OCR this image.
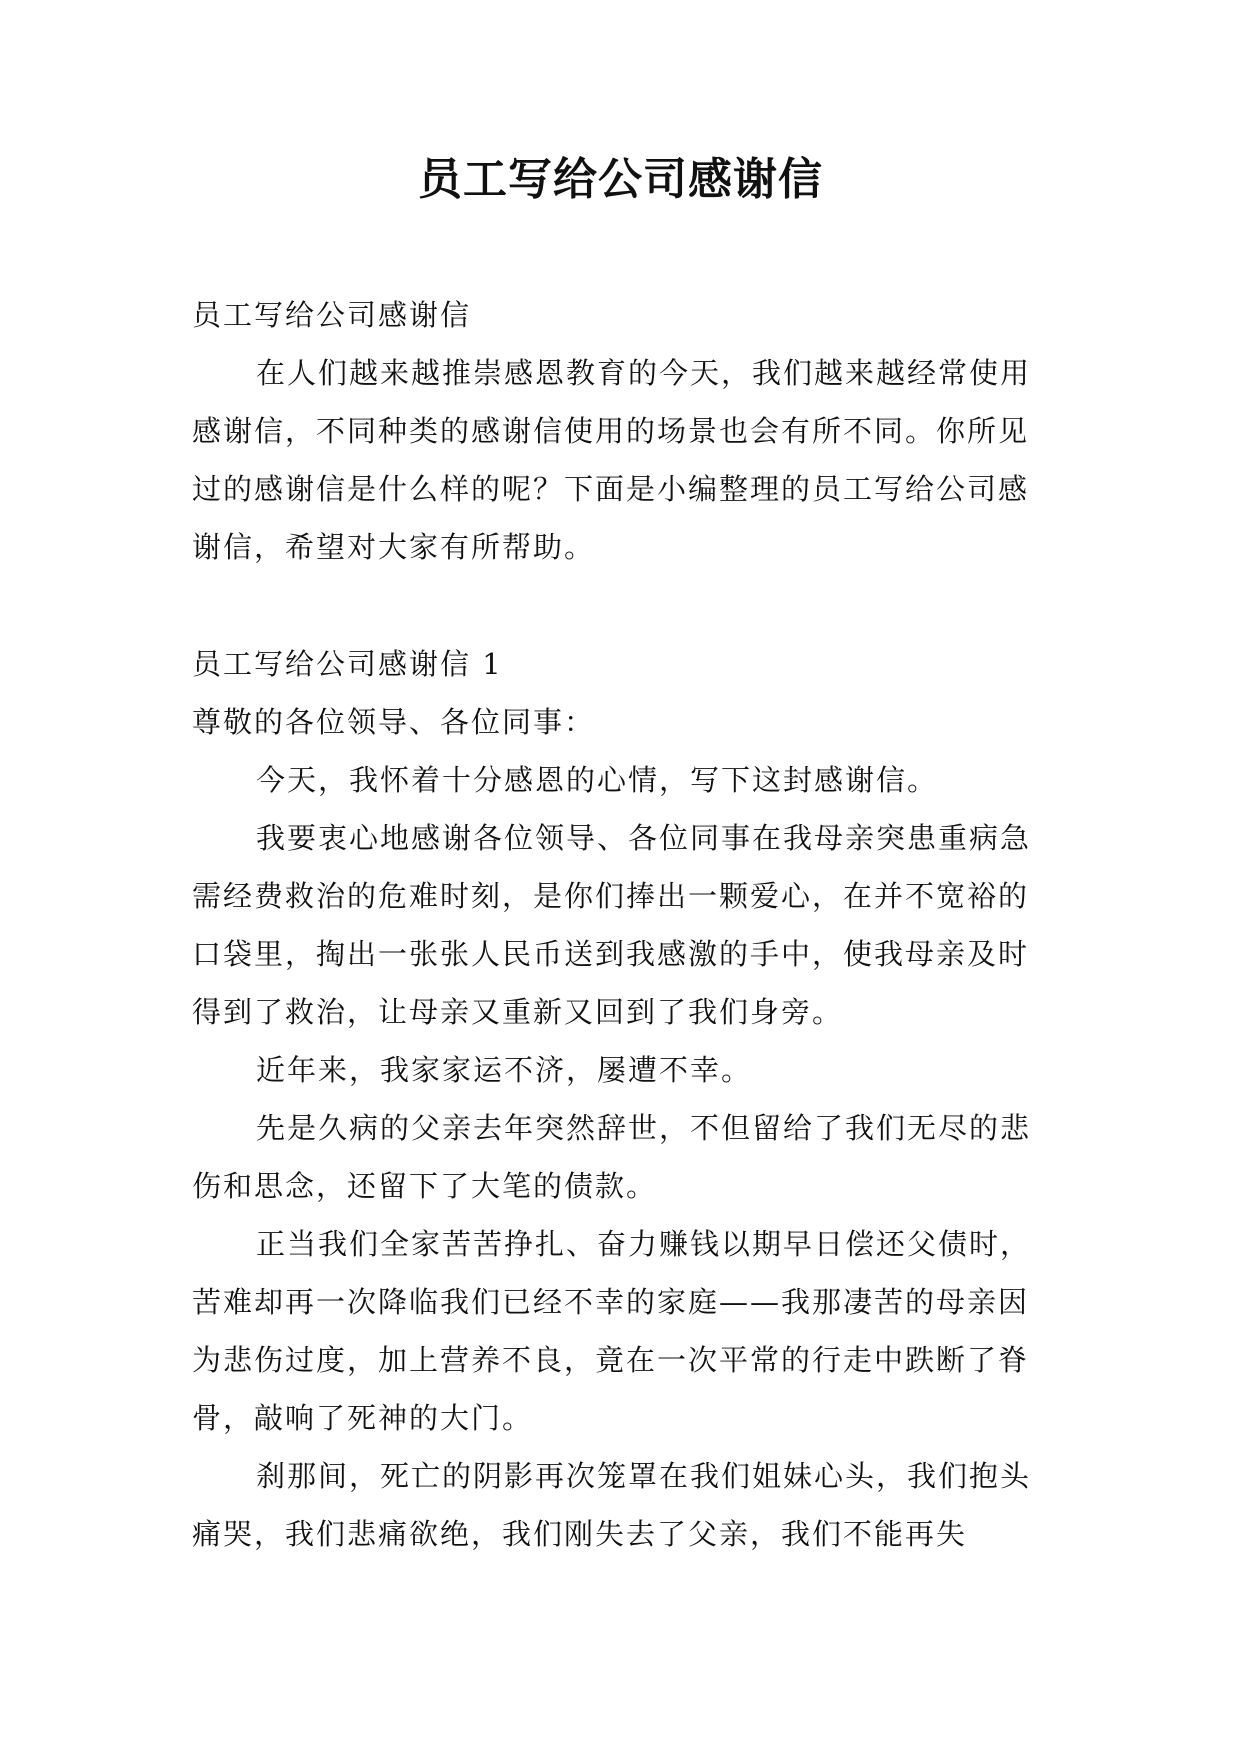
员工写给公司感谢信

员工写给公司感谢信

在人们越来越推崇感恩教育的今天，我们越来越经常使用感谢信，不同种类的感谢信使用的场景也会有所不同。你所见过的感谢信是什么样的呢？下面是小编整理的员工写给公司感谢信，希望对大家有所帮助。

员工写给公司感谢信 1

尊敬的各位领导、各位同事：

今天，我怀着十分感恩的心情，写下这封感谢信。

我要衷心地感谢各位领导、各位同事在我母亲突患重病急需经费救治的危难时刻，是你们捧出一颗爱心，在并不宽裕的口袋里，掏出一张张人民币送到我感激的手中，使我母亲及时得到了救治，让母亲又重新又回到了我们身旁。

近年来，我家家运不济，屡遭不幸。

先是久病的父亲去年突然辞世，不但留给了我们无尽的悲伤和思念，还留下了大笔的债款。

正当我们全家苦苦挣扎、奋力赚钱以期早日偿还父债时，苦难却再一次降临我们已经不幸的家庭——我那凄苦的母亲因为悲伤过度，加上营养不良，竟在一次平常的行走中跌断了脊骨，敲响了死神的大门。

刹那间，死亡的阴影再次笼罩在我们姐妹心头，我们抱头痛哭，我们悲痛欲绝，我们刚失去了父亲，我们不能再失
